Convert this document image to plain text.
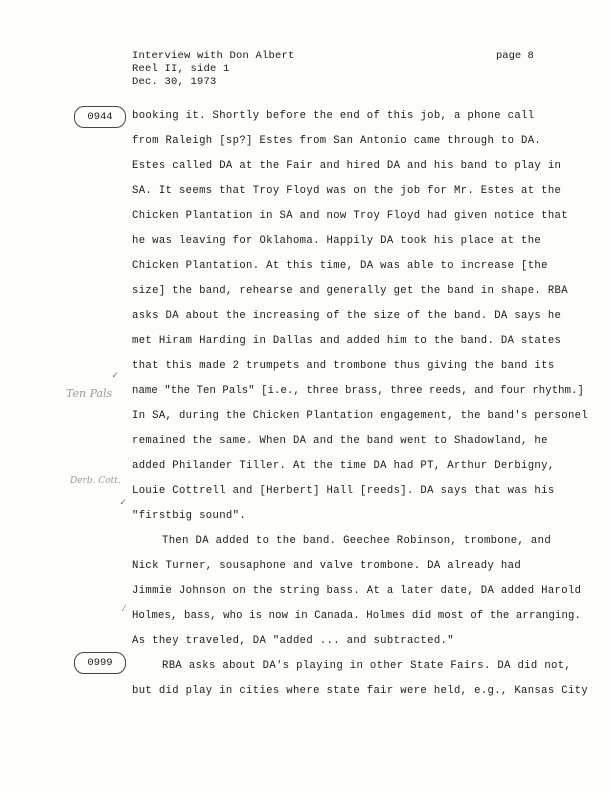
Interview with Don Albert
Reel II, side 1
Dec. 30, 1973
page 8
0944
0999
booking it. Shortly before the end of this job, a phone call
from Raleigh [sp?] Estes from San Antonio came through to DA.
Estes called DA at the Fair and hired DA and his band to play in
SA. It seems that Troy Floyd was on the job for Mr. Estes at the
Chicken Plantation in SA and now Troy Floyd had given notice that
he was leaving for Oklahoma. Happily DA took his place at the
Chicken Plantation. At this time, DA was able to increase [the
size] the band, rehearse and generally get the band in shape. RBA
asks DA about the increasing of the size of the band. DA says he
met Hiram Harding in Dallas and added him to the band. DA states
that this made 2 trumpets and trombone thus giving the band its
name "the Ten Pals" [i.e., three brass, three reeds, and four rhythm.]
In SA, during the Chicken Plantation engagement, the band's personel
remained the same. When DA and the band went to Shadowland, he
added Philander Tiller. At the time DA had PT, Arthur Derbigny,
Louie Cottrell and [Herbert] Hall [reeds]. DA says that was his
"firstbig sound".
Then DA added to the band. Geechee Robinson, trombone, and
Nick Turner, sousaphone and valve trombone. DA already had
Jimmie Johnson on the string bass. At a later date, DA added Harold
Holmes, bass, who is now in Canada. Holmes did most of the arranging.
As they traveled, DA "added ... and subtracted."
RBA asks about DA's playing in other State Fairs. DA did not,
but did play in cities where state fair were held, e.g., Kansas City
Ten Pals
Derb. Cott.
✓
✓
⁄
